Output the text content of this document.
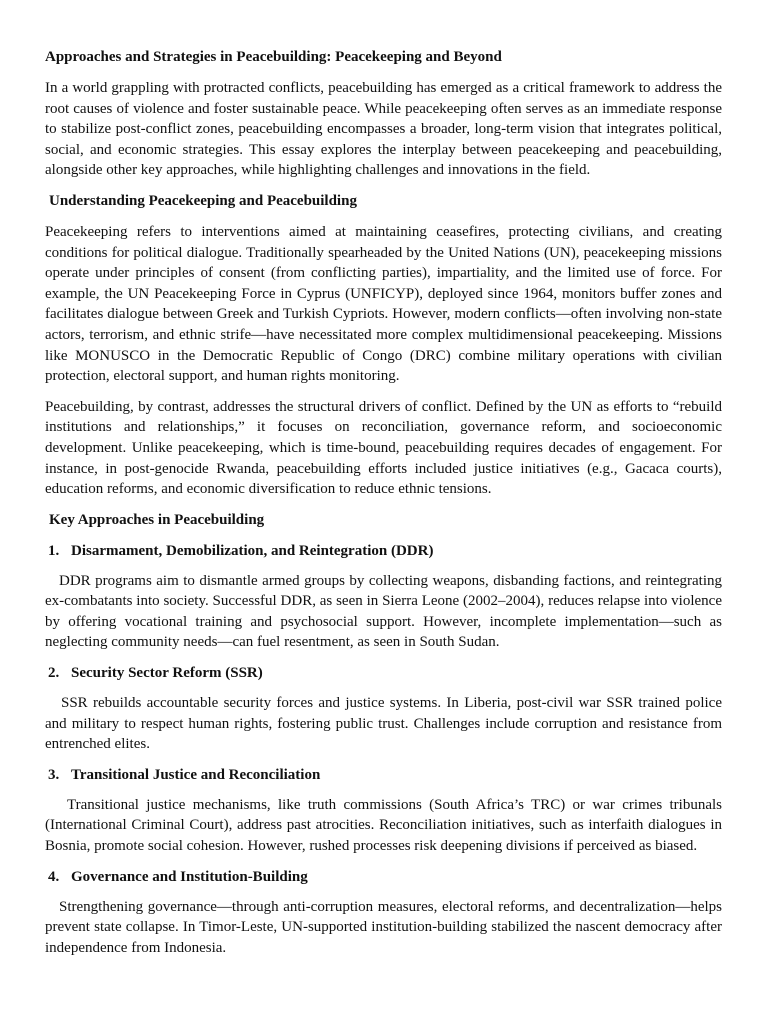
Approaches and Strategies in Peacebuilding: Peacekeeping and Beyond

In a world grappling with protracted conflicts, peacebuilding has emerged as a critical framework to address the root causes of violence and foster sustainable peace. While peacekeeping often serves as an immediate response to stabilize post-conflict zones, peacebuilding encompasses a broader, long-term vision that integrates political, social, and economic strategies. This essay explores the interplay between peacekeeping and peacebuilding, alongside other key approaches, while highlighting challenges and innovations in the field.

Understanding Peacekeeping and Peacebuilding

Peacekeeping refers to interventions aimed at maintaining ceasefires, protecting civilians, and creating conditions for political dialogue. Traditionally spearheaded by the United Nations (UN), peacekeeping missions operate under principles of consent (from conflicting parties), impartiality, and the limited use of force. For example, the UN Peacekeeping Force in Cyprus (UNFICYP), deployed since 1964, monitors buffer zones and facilitates dialogue between Greek and Turkish Cypriots. However, modern conflicts—often involving non-state actors, terrorism, and ethnic strife—have necessitated more complex multidimensional peacekeeping. Missions like MONUSCO in the Democratic Republic of Congo (DRC) combine military operations with civilian protection, electoral support, and human rights monitoring.

Peacebuilding, by contrast, addresses the structural drivers of conflict. Defined by the UN as efforts to “rebuild institutions and relationships,” it focuses on reconciliation, governance reform, and socioeconomic development. Unlike peacekeeping, which is time-bound, peacebuilding requires decades of engagement. For instance, in post-genocide Rwanda, peacebuilding efforts included justice initiatives (e.g., Gacaca courts), education reforms, and economic diversification to reduce ethnic tensions.

Key Approaches in Peacebuilding
1. Disarmament, Demobilization, and Reintegration (DDR)

DDR programs aim to dismantle armed groups by collecting weapons, disbanding factions, and reintegrating ex-combatants into society. Successful DDR, as seen in Sierra Leone (2002–2004), reduces relapse into violence by offering vocational training and psychosocial support. However, incomplete implementation—such as neglecting community needs—can fuel resentment, as seen in South Sudan.

2. Security Sector Reform (SSR)

SSR rebuilds accountable security forces and justice systems. In Liberia, post-civil war SSR trained police and military to respect human rights, fostering public trust. Challenges include corruption and resistance from entrenched elites.

3. Transitional Justice and Reconciliation

Transitional justice mechanisms, like truth commissions (South Africa’s TRC) or war crimes tribunals (International Criminal Court), address past atrocities. Reconciliation initiatives, such as interfaith dialogues in Bosnia, promote social cohesion. However, rushed processes risk deepening divisions if perceived as biased.

4. Governance and Institution-Building

Strengthening governance—through anti-corruption measures, electoral reforms, and decentralization—helps prevent state collapse. In Timor-Leste, UN-supported institution-building stabilized the nascent democracy after independence from Indonesia.
